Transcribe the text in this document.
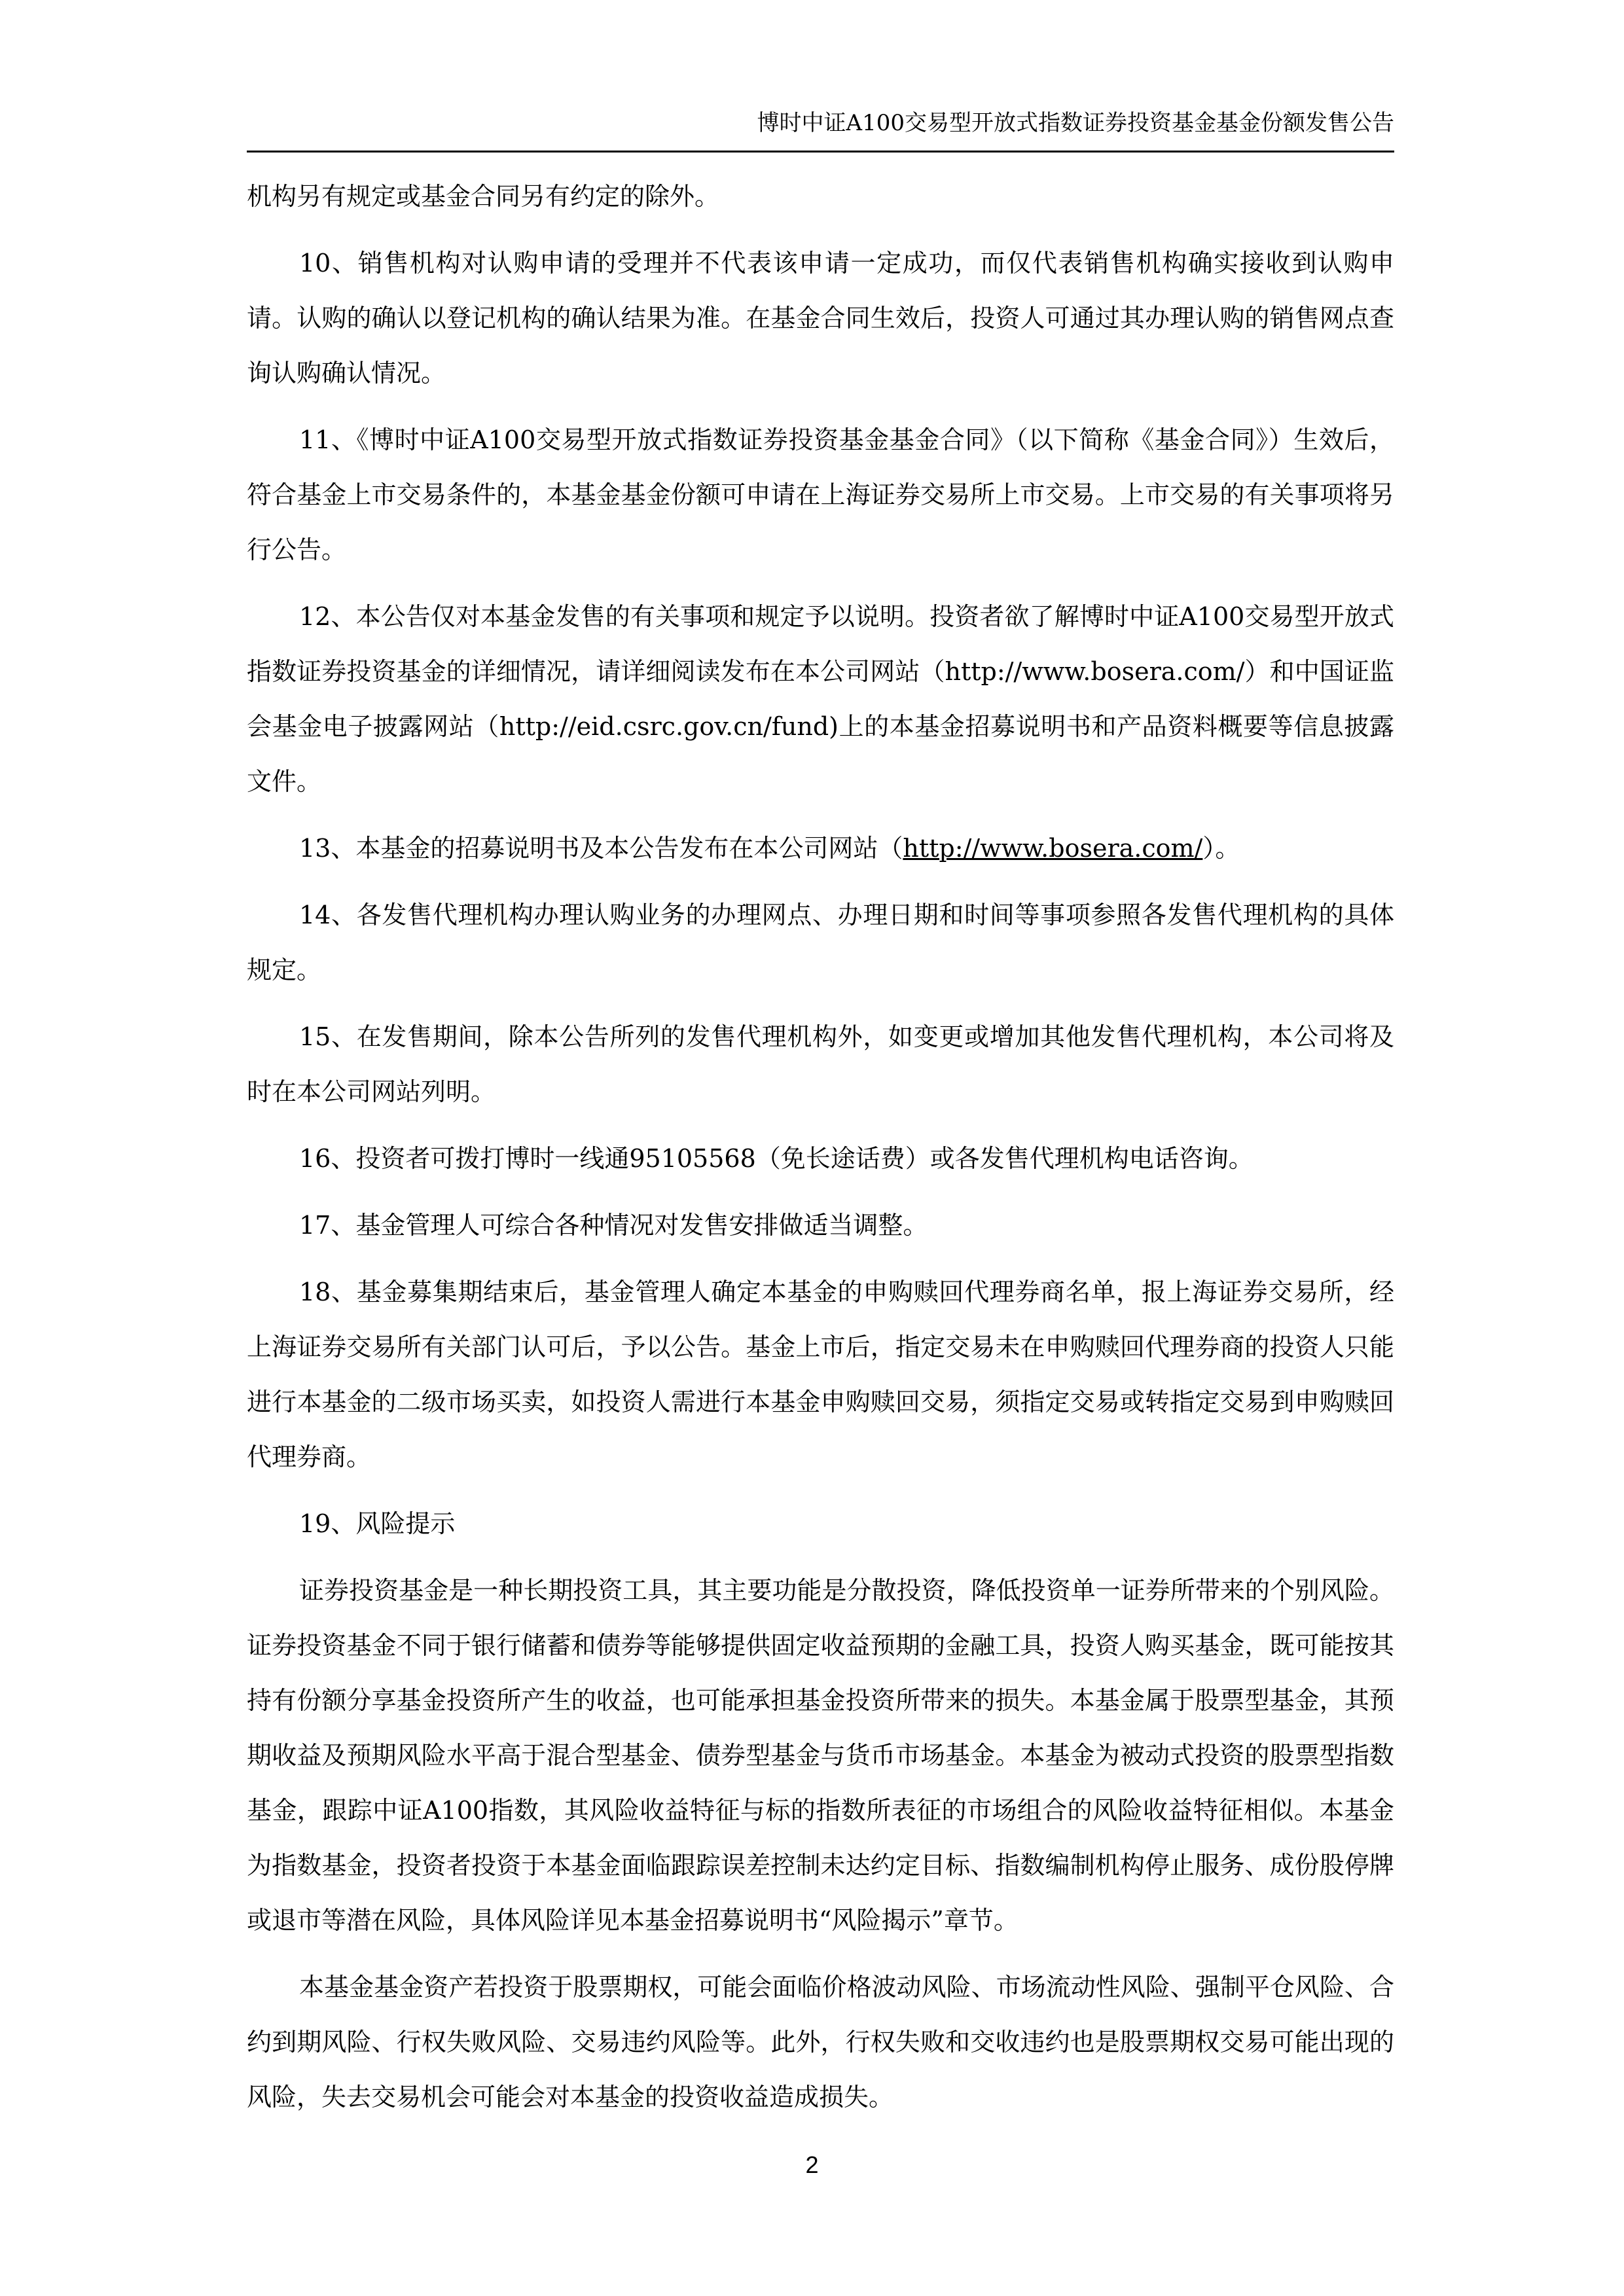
博时中证A100交易型开放式指数证券投资基金基金份额发售公告

机构另有规定或基金合同另有约定的除外。

10、销售机构对认购申请的受理并不代表该申请一定成功，而仅代表销售机构确实接收到认购申请。认购的确认以登记机构的确认结果为准。在基金合同生效后，投资人可通过其办理认购的销售网点查询认购确认情况。

11、《博时中证A100交易型开放式指数证券投资基金基金合同》（以下简称《基金合同》）生效后，符合基金上市交易条件的，本基金基金份额可申请在上海证券交易所上市交易。上市交易的有关事项将另行公告。

12、本公告仅对本基金发售的有关事项和规定予以说明。投资者欲了解博时中证A100交易型开放式指数证券投资基金的详细情况，请详细阅读发布在本公司网站（http://www.bosera.com/）和中国证监会基金电子披露网站（http://eid.csrc.gov.cn/fund)上的本基金招募说明书和产品资料概要等信息披露文件。

13、本基金的招募说明书及本公告发布在本公司网站（http://www.bosera.com/）。

14、各发售代理机构办理认购业务的办理网点、办理日期和时间等事项参照各发售代理机构的具体规定。

15、在发售期间，除本公告所列的发售代理机构外，如变更或增加其他发售代理机构，本公司将及时在本公司网站列明。

16、投资者可拨打博时一线通95105568（免长途话费）或各发售代理机构电话咨询。

17、基金管理人可综合各种情况对发售安排做适当调整。

18、基金募集期结束后，基金管理人确定本基金的申购赎回代理券商名单，报上海证券交易所，经上海证券交易所有关部门认可后，予以公告。基金上市后，指定交易未在申购赎回代理券商的投资人只能进行本基金的二级市场买卖，如投资人需进行本基金申购赎回交易，须指定交易或转指定交易到申购赎回代理券商。

19、风险提示

证券投资基金是一种长期投资工具，其主要功能是分散投资，降低投资单一证券所带来的个别风险。证券投资基金不同于银行储蓄和债券等能够提供固定收益预期的金融工具，投资人购买基金，既可能按其持有份额分享基金投资所产生的收益，也可能承担基金投资所带来的损失。本基金属于股票型基金，其预期收益及预期风险水平高于混合型基金、债券型基金与货币市场基金。本基金为被动式投资的股票型指数基金，跟踪中证A100指数，其风险收益特征与标的指数所表征的市场组合的风险收益特征相似。本基金为指数基金，投资者投资于本基金面临跟踪误差控制未达约定目标、指数编制机构停止服务、成份股停牌或退市等潜在风险，具体风险详见本基金招募说明书“风险揭示”章节。

本基金基金资产若投资于股票期权，可能会面临价格波动风险、市场流动性风险、强制平仓风险、合约到期风险、行权失败风险、交易违约风险等。此外，行权失败和交收违约也是股票期权交易可能出现的风险，失去交易机会可能会对本基金的投资收益造成损失。

2
